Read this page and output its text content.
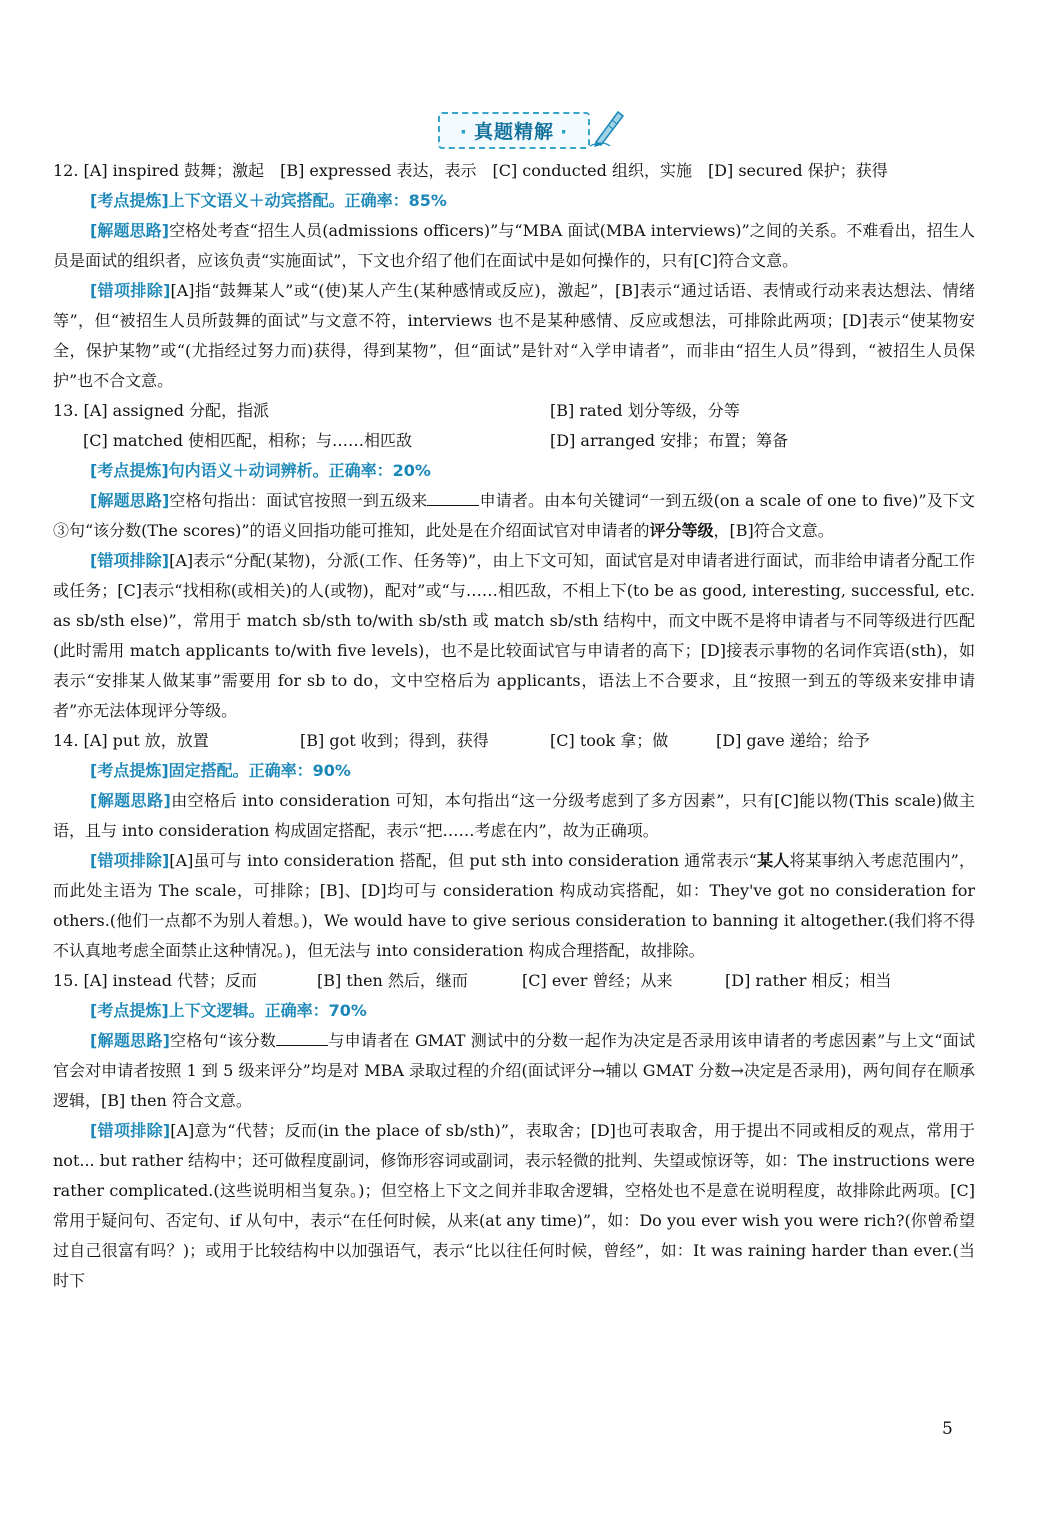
· 真题精解 ·

12. [A] inspired 鼓舞；激起　[B] expressed 表达，表示　[C] conducted 组织，实施　[D] secured 保护；获得

[考点提炼]上下文语义＋动宾搭配。正确率：85%

[解题思路]空格处考查“招生人员(admissions officers)”与“MBA 面试(MBA interviews)”之间的关系。不难看出，招生人员是面试的组织者，应该负责“实施面试”，下文也介绍了他们在面试中是如何操作的，只有[C]符合文意。

[错项排除][A]指“鼓舞某人”或“(使)某人产生(某种感情或反应)，激起”，[B]表示“通过话语、表情或行动来表达想法、情绪等”，但“被招生人员所鼓舞的面试”与文意不符，interviews 也不是某种感情、反应或想法，可排除此两项；[D]表示“使某物安全，保护某物”或“(尤指经过努力而)获得，得到某物”，但“面试”是针对“入学申请者”，而非由“招生人员”得到，“被招生人员保护”也不合文意。

13. [A] assigned 分配，指派	[B] rated 划分等级，分等
[C] matched 使相匹配，相称；与……相匹敌	[D] arranged 安排；布置；筹备

[考点提炼]句内语义＋动词辨析。正确率：20%

[解题思路]空格句指出：面试官按照一到五级来	申请者。由本句关键词“一到五级(on a scale of one to five)”及下文③句“该分数(The scores)”的语义回指功能可推知，此处是在介绍面试官对申请者的评分等级，[B]符合文意。

[错项排除][A]表示“分配(某物)，分派(工作、任务等)”，由上下文可知，面试官是对申请者进行面试，而非给申请者分配工作或任务；[C]表示“找相称(或相关)的人(或物)，配对”或“与……相匹敌，不相上下(to be as good, interesting, successful, etc. as sb/sth else)”，常用于 match sb/sth to/with sb/sth 或 match sb/sth 结构中，而文中既不是将申请者与不同等级进行匹配(此时需用 match applicants to/with five levels)，也不是比较面试官与申请者的高下；[D]接表示事物的名词作宾语(sth)，如表示“安排某人做某事”需要用 for sb to do，文中空格后为 applicants，语法上不合要求，且“按照一到五的等级来安排申请者”亦无法体现评分等级。

14. [A] put 放，放置	[B] got 收到；得到，获得	[C] took 拿；做	[D] gave 递给；给予

[考点提炼]固定搭配。正确率：90%

[解题思路]由空格后 into consideration 可知，本句指出“这一分级考虑到了多方因素”，只有[C]能以物(This scale)做主语，且与 into consideration 构成固定搭配，表示“把……考虑在内”，故为正确项。

[错项排除][A]虽可与 into consideration 搭配，但 put sth into consideration 通常表示“某人将某事纳入考虑范围内”，而此处主语为 The scale，可排除；[B]、[D]均可与 consideration 构成动宾搭配，如：They've got no consideration for others.(他们一点都不为别人着想。)，We would have to give serious consideration to banning it altogether.(我们将不得不认真地考虑全面禁止这种情况。)，但无法与 into consideration 构成合理搭配，故排除。

15. [A] instead 代替；反而	[B] then 然后，继而	[C] ever 曾经；从来	[D] rather 相反；相当

[考点提炼]上下文逻辑。正确率：70%

[解题思路]空格句“该分数	与申请者在 GMAT 测试中的分数一起作为决定是否录用该申请者的考虑因素”与上文“面试官会对申请者按照 1 到 5 级来评分”均是对 MBA 录取过程的介绍(面试评分→辅以 GMAT 分数→决定是否录用)，两句间存在顺承逻辑，[B] then 符合文意。

[错项排除][A]意为“代替；反而(in the place of sb/sth)”，表取舍；[D]也可表取舍，用于提出不同或相反的观点，常用于 not... but rather 结构中；还可做程度副词，修饰形容词或副词，表示轻微的批判、失望或惊讶等，如：The instructions were rather complicated.(这些说明相当复杂。)；但空格上下文之间并非取舍逻辑，空格处也不是意在说明程度，故排除此两项。[C]常用于疑问句、否定句、if 从句中，表示“在任何时候，从来(at any time)”，如：Do you ever wish you were rich?(你曾希望过自己很富有吗？)；或用于比较结构中以加强语气，表示“比以往任何时候，曾经”，如：It was raining harder than ever.(当时下

5
